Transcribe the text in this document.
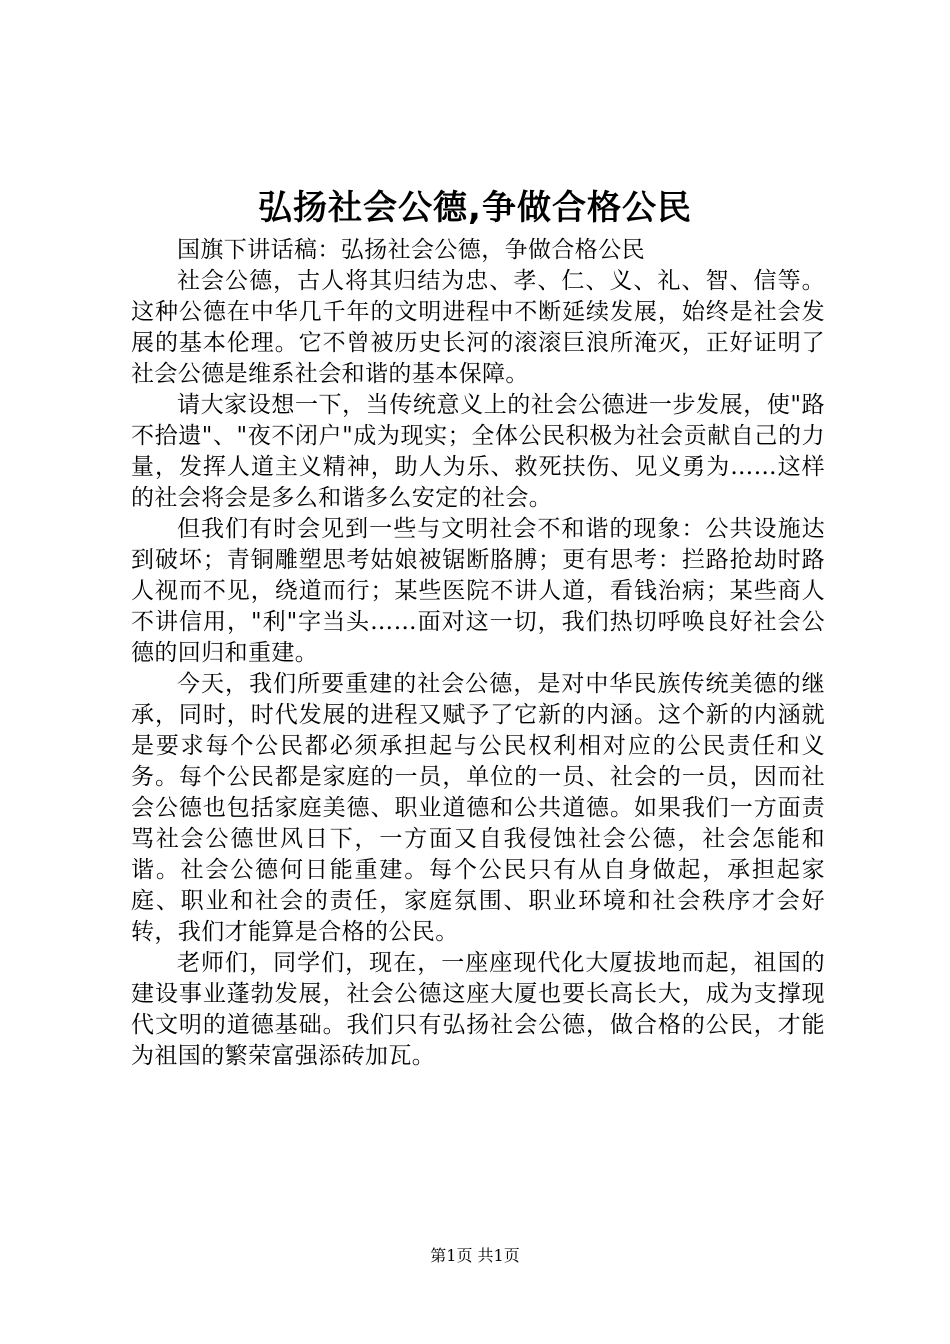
弘扬社会公德,争做合格公民

国旗下讲话稿：弘扬社会公德，争做合格公民

社会公德，古人将其归结为忠、孝、仁、义、礼、智、信等。这种公德在中华几千年的文明进程中不断延续发展，始终是社会发展的基本伦理。它不曾被历史长河的滚滚巨浪所淹灭，正好证明了社会公德是维系社会和谐的基本保障。

请大家设想一下，当传统意义上的社会公德进一步发展，使"路不拾遗"、"夜不闭户"成为现实；全体公民积极为社会贡献自己的力量，发挥人道主义精神，助人为乐、救死扶伤、见义勇为……这样的社会将会是多么和谐多么安定的社会。

但我们有时会见到一些与文明社会不和谐的现象：公共设施达到破坏；青铜雕塑思考姑娘被锯断胳膊；更有思考：拦路抢劫时路人视而不见，绕道而行；某些医院不讲人道，看钱治病；某些商人不讲信用，"利"字当头……面对这一切，我们热切呼唤良好社会公德的回归和重建。

今天，我们所要重建的社会公德，是对中华民族传统美德的继承，同时，时代发展的进程又赋予了它新的内涵。这个新的内涵就是要求每个公民都必须承担起与公民权利相对应的公民责任和义务。每个公民都是家庭的一员，单位的一员、社会的一员，因而社会公德也包括家庭美德、职业道德和公共道德。如果我们一方面责骂社会公德世风日下，一方面又自我侵蚀社会公德，社会怎能和谐。社会公德何日能重建。每个公民只有从自身做起，承担起家庭、职业和社会的责任，家庭氛围、职业环境和社会秩序才会好转，我们才能算是合格的公民。

老师们，同学们，现在，一座座现代化大厦拔地而起，祖国的建设事业蓬勃发展，社会公德这座大厦也要长高长大，成为支撑现代文明的道德基础。我们只有弘扬社会公德，做合格的公民，才能为祖国的繁荣富强添砖加瓦。

第1页 共1页
